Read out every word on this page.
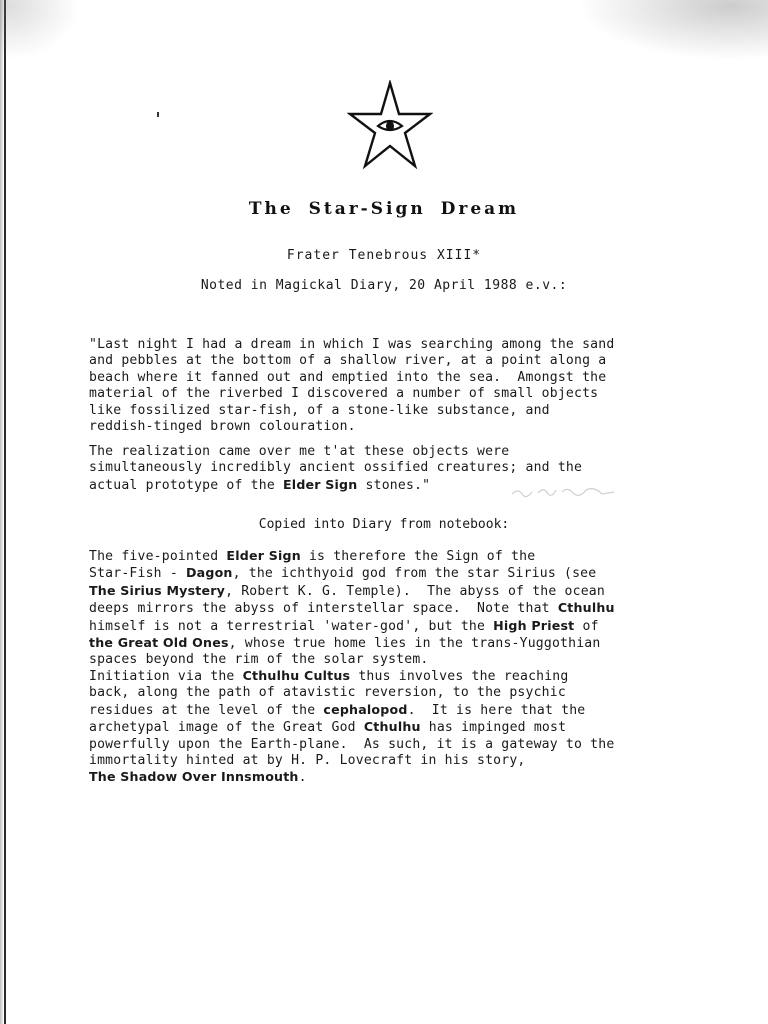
The Star-Sign Dream
Frater Tenebrous XIII*
Noted in Magickal Diary, 20 April 1988 e.v.:
"Last night I had a dream in which I was searching among the sand
and pebbles at the bottom of a shallow river, at a point along a
beach where it fanned out and emptied into the sea.  Amongst the
material of the riverbed I discovered a number of small objects
like fossilized star-fish, of a stone-like substance, and
reddish-tinged brown colouration.
The realization came over me t'at these objects were
simultaneously incredibly ancient ossified creatures; and the
actual prototype of the Elder Sign stones."
Copied into Diary from notebook:
The five-pointed Elder Sign is therefore the Sign of the
Star-Fish - Dagon, the ichthyoid god from the star Sirius (see
The Sirius Mystery, Robert K. G. Temple).  The abyss of the ocean
deeps mirrors the abyss of interstellar space.  Note that Cthulhu
himself is not a terrestrial 'water-god', but the High Priest of
the Great Old Ones, whose true home lies in the trans-Yuggothian
spaces beyond the rim of the solar system.
Initiation via the Cthulhu Cultus thus involves the reaching
back, along the path of atavistic reversion, to the psychic
residues at the level of the cephalopod.  It is here that the
archetypal image of the Great God Cthulhu has impinged most
powerfully upon the Earth-plane.  As such, it is a gateway to the
immortality hinted at by H. P. Lovecraft in his story,
The Shadow Over Innsmouth.
